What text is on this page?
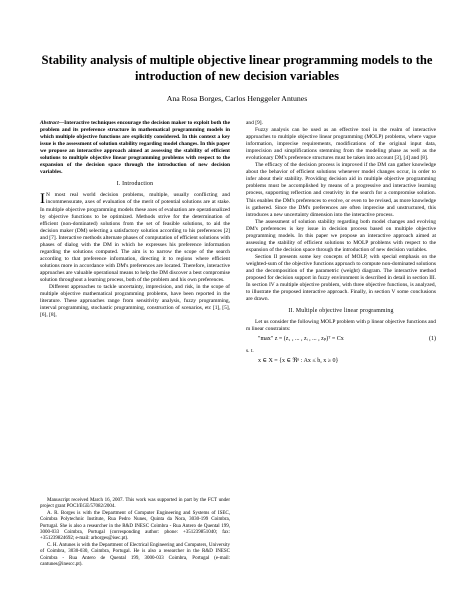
Stability analysis of multiple objective linear programming models to the introduction of new decision variables
Ana Rosa Borges, Carlos Henggeler Antunes

Abstract—Interactive techniques encourage the decision maker to exploit both the problem and its preference structure in mathematical programming models in which multiple objective functions are explicitly considered. In this context a key issue is the assessment of solution stability regarding model changes. In this paper we propose an interactive approach aimed at assessing the stability of efficient solutions to multiple objective linear programming problems with respect to the expansion of the decision space through the introduction of new decision variables.

I. Introduction

I N most real world decision problems, multiple, usually conflicting and incommensurate, axes of evaluation of the merit of potential solutions are at stake. In multiple objective programming models these axes of evaluation are operationalized by objective functions to be optimized. Methods strive for the determination of efficient (non-dominated) solutions from the set of feasible solutions, to aid the decision maker (DM) selecting a satisfactory solution according to his preferences [2] and [7]. Interactive methods alternate phases of computation of efficient solutions with phases of dialog with the DM in which he expresses his preference information regarding the solutions computed. The aim is to narrow the scope of the search according to that preference information, directing it to regions where efficient solutions more in accordance with DM's preferences are located. Therefore, interactive approaches are valuable operational means to help the DM discover a best compromise solution throughout a learning process, both of the problem and his own preferences.

Different approaches to tackle uncertainty, imprecision, and risk, in the scope of multiple objective mathematical programming problems, have been reported in the literature. These approaches range from sensitivity analysis, fuzzy programming, interval programming, stochastic programming, construction of scenarios, etc [1], [5], [6], [8],

Manuscript received March 16, 2007. This work was supported in part by the FCT under project grant POCI/EGE/57082/2004.

A. R. Borges is with the Department of Computer Engineering and Systems of ISEC, Coimbra Polytechnic Institute, Rua Pedro Nunes, Quinta da Nora, 3030-199 Coimbra, Portugal. She is also a researcher in the R&D INESC Coimbra - Rua Antero de Quental 199, 3000-033 Coimbra, Portugal (corresponding author: phone: +351239851040; fax: +351239824692; e-mail: arborges@isec.pt).

C. H. Antunes is with the Department of Electrical Engineering and Computers, University of Coimbra, 3030-030, Coimbra, Portugal. He is also a researcher in the R&D INESC Coimbra - Rua Antero de Quental 199, 3000-033 Coimbra, Portugal (e-mail: cantunes@inescc.pt).

and [9].

Fuzzy analysis can be used as an effective tool in the realm of interactive approaches to multiple objective linear programming (MOLP) problems, where vague information, imprecise requirements, modifications of the original input data, imprecision and simplifications stemming from the modeling phase as well as the evolutionary DM's preference structures must be taken into account [3], [4] and [8].

The efficacy of the decision process is improved if the DM can gather knowledge about the behavior of efficient solutions whenever model changes occur, in order to infer about their stability. Providing decision aid in multiple objective programming problems must be accomplished by means of a progressive and interactive learning process, supporting reflection and creativity in the search for a compromise solution. This enables the DM's preferences to evolve, or even to be revised, as more knowledge is gathered. Since the DM's preferences are often imprecise and unstructured, this introduces a new uncertainty dimension into the interactive process.

The assessment of solution stability regarding both model changes and evolving DM's preferences is key issue in decision process based on multiple objective programming models. In this paper we propose an interactive approach aimed at assessing the stability of efficient solutions to MOLP problems with respect to the expansion of the decision space through the introduction of new decision variables.

Section II presents some key concepts of MOLP, with special emphasis on the weighted-sum of the objective functions approach to compute non-dominated solutions and the decomposition of the parametric (weight) diagram. The interactive method proposed for decision support in fuzzy environment is described in detail in section III. In section IV a multiple objective problem, with three objective functions, is analyzed, to illustrate the proposed interactive approach. Finally, in section V some conclusions are drawn.

II. Multiple objective linear programming

Let us consider the following MOLP problem with p linear objective functions and m linear constraints:

"max" z = (z₁ , ... , zᵢ , ... , zₚ)ᵀ = Cx	(1)

s. t.

x ∈ X = {x ∈ ℜⁿ : Ax ≤ b, x ≥ 0}
